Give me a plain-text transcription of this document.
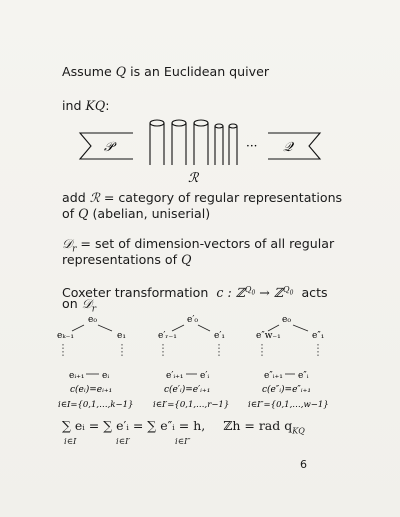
Assume Q is an Euclidean quiver
ind KQ:
𝒫	··· 𝒬
ℛ
add ℛ = category of regular representations
of Q (abelian, uniserial)
𝒟$_r$ = set of dimension-vectors of all regular
representations of Q
Coxeter transformation c : ℤ$^{Q_0}$ → ℤ$^{Q_0}$ acts
on 𝒟$_r$
e₀
eₖ₋₁	e₁
eᵢ₊₁ eᵢ
c(eᵢ)=eᵢ₊₁
i∈I={0,1,…,k−1}
e′₀
e′ᵣ₋₁	e′₁
e′ᵢ₊₁ e′ᵢ
c(e′ᵢ)=e′ᵢ₊₁
i∈I′={0,1,…,r−1}
e₀
e″w₋₁	e″₁
e″ᵢ₊₁ e″ᵢ
c(e″ᵢ)=e″ᵢ₊₁
i∈I″={0,1,…,w−1}
∑ eᵢ = ∑ e′ᵢ = ∑ e″ᵢ = h, ℤh = rad $q_{KQ}$
i∈I	i∈I′	i∈I″
6
